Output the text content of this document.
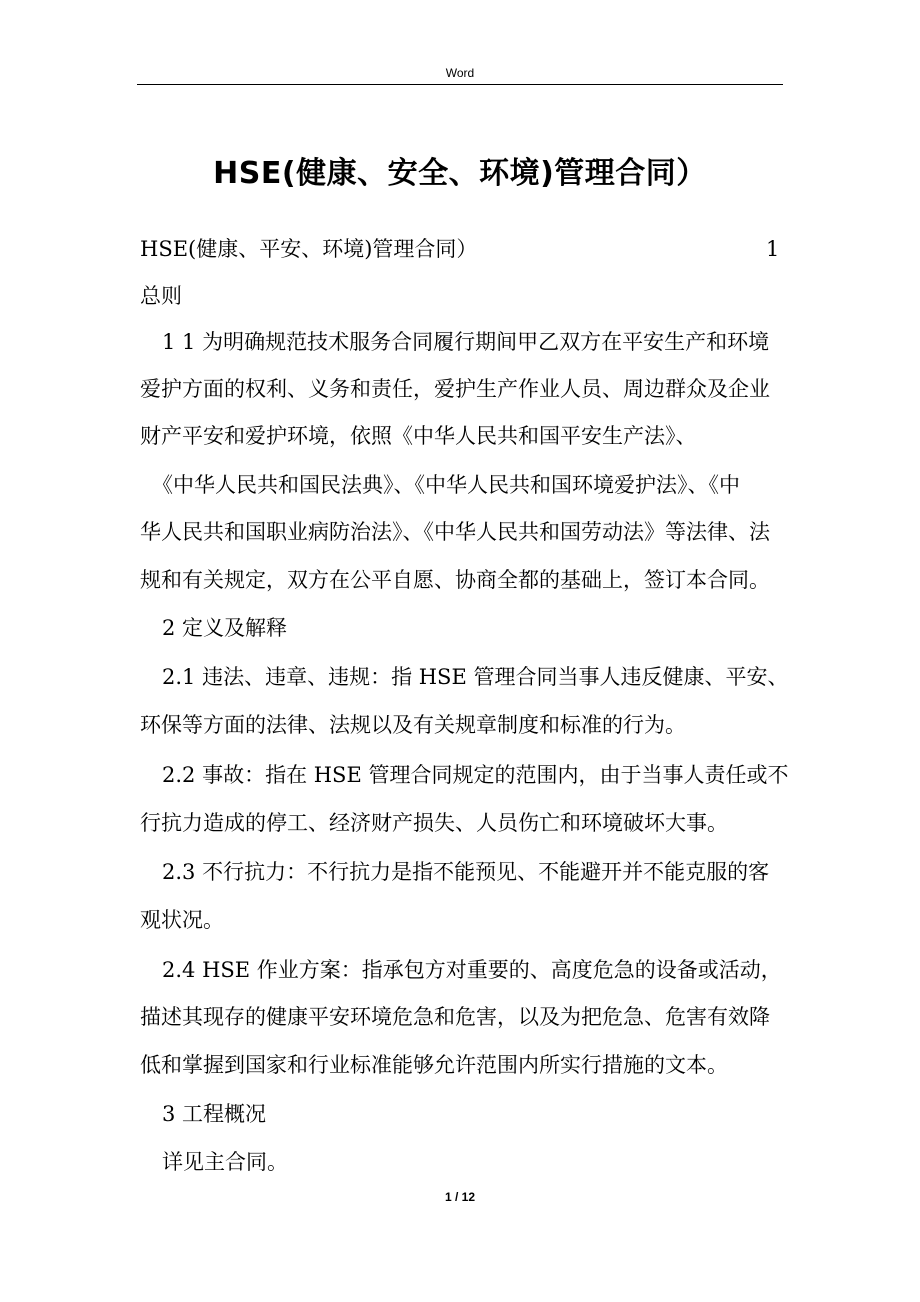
Word
HSE(健康、安全、环境)管理合同）
HSE(健康、平安、环境)管理合同）	1
总则
1 1 为明确规范技术服务合同履行期间甲乙双方在平安生产和环境
爱护方面的权利、义务和责任，爱护生产作业人员、周边群众及企业
财产平安和爱护环境，依照《中华人民共和国平安生产法》、
《中华人民共和国民法典》、《中华人民共和国环境爱护法》、《中
华人民共和国职业病防治法》、《中华人民共和国劳动法》等法律、法
规和有关规定，双方在公平自愿、协商全都的基础上，签订本合同。
2 定义及解释
2.1 违法、违章、违规：指 HSE 管理合同当事人违反健康、平安、
环保等方面的法律、法规以及有关规章制度和标准的行为。
2.2 事故：指在 HSE 管理合同规定的范围内，由于当事人责任或不
行抗力造成的停工、经济财产损失、人员伤亡和环境破坏大事。
2.3 不行抗力：不行抗力是指不能预见、不能避开并不能克服的客
观状况。
2.4 HSE 作业方案：指承包方对重要的、高度危急的设备或活动，
描述其现存的健康平安环境危急和危害，以及为把危急、危害有效降
低和掌握到国家和行业标准能够允许范围内所实行措施的文本。
3 工程概况
详见主合同。
1 / 12
